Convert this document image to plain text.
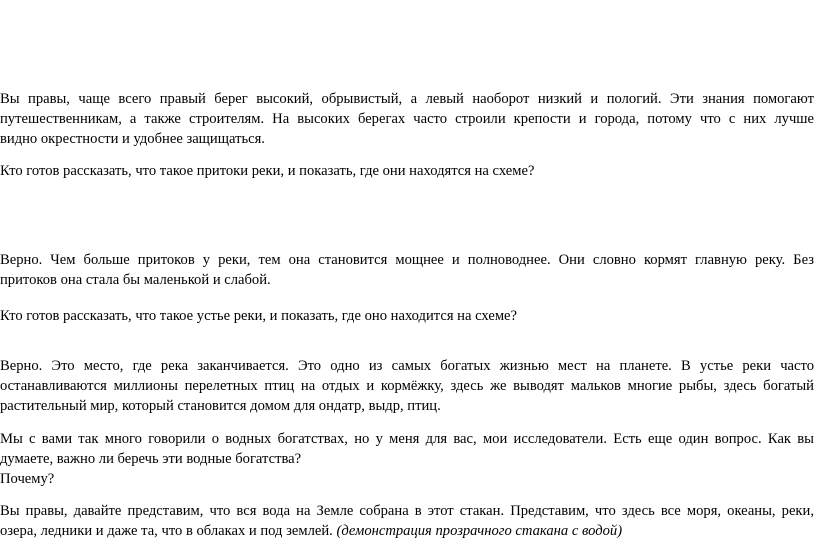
Вы правы, чаще всего правый берег высокий, обрывистый, а левый наоборот низкий и пологий. Эти знания помогают
путешественникам, а также строителям. На высоких берегах часто строили крепости и города, потому что с них лучше
видно окрестности и удобнее защищаться.
Кто готов рассказать, что такое притоки реки, и показать, где они находятся на схеме?
Верно. Чем больше притоков у реки, тем она становится мощнее и полноводнее. Они словно кормят главную реку. Без
притоков она стала бы маленькой и слабой.
Кто готов рассказать, что такое устье реки, и показать, где оно находится на схеме?
Верно. Это место, где река заканчивается. Это одно из самых богатых жизнью мест на планете. В устье реки часто
останавливаются миллионы перелетных птиц на отдых и кормёжку, здесь же выводят мальков многие рыбы, здесь богатый
растительный мир, который становится домом для ондатр, выдр, птиц.
Мы с вами так много говорили о водных богатствах, но у меня для вас, мои исследователи. Есть еще один вопрос. Как вы
думаете, важно ли беречь эти водные богатства?
Почему?
Вы правы, давайте представим, что вся вода на Земле собрана в этот стакан. Представим, что здесь все моря, океаны, реки,
озера, ледники и даже та, что в облаках и под землей. (демонстрация прозрачного стакана с водой)
